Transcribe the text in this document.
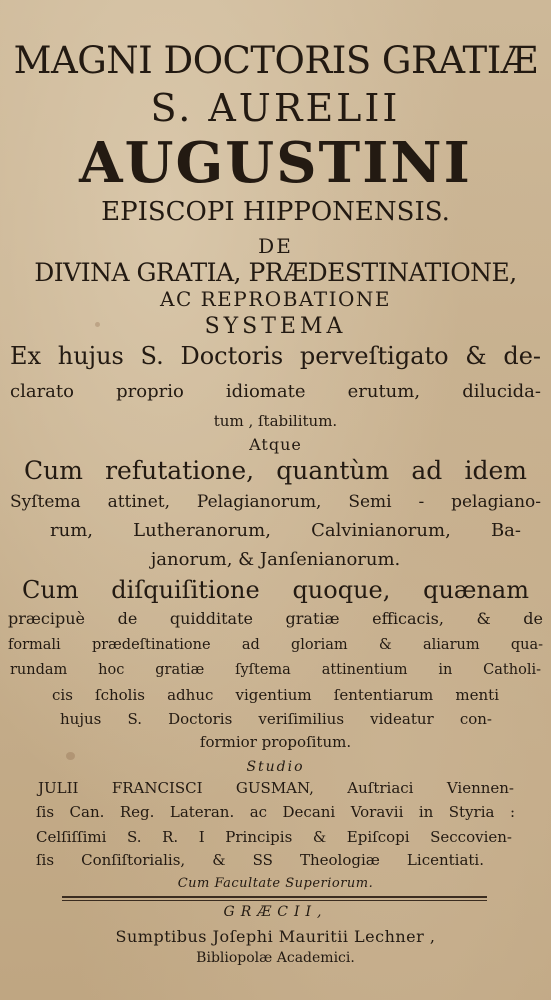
MAGNI DOCTORIS GRATIÆ

S. AURELII

AUGUSTINI

EPISCOPI HIPPONENSIS.

DE

DIVINA GRATIA, PRÆDESTINATIONE,

AC REPROBATIONE

SYSTEMA

Ex hujus S. Doctoris perveſtigato & de-

clarato proprio idiomate erutum, dilucida-

tum , ſtabilitum.

Atque

Cum refutatione, quantùm ad idem

Syſtema attinet, Pelagianorum, Semi - pelagiano-

rum, Lutheranorum, Calvinianorum, Ba-

janorum, & Janſenianorum.

Cum diſquiſitione quoque, quænam

præcipuè de quidditate gratiæ efficacis, & de

formali prædeſtinatione ad gloriam & aliarum qua-

rundam hoc gratiæ ſyſtema attinentium in Catholi-

cis ſcholis adhuc vigentium ſententiarum menti

hujus S. Doctoris veriſimilius videatur con-

formior propoſitum.

Studio

JULII FRANCISCI GUSMAN, Auſtriaci Viennen-

ſis Can. Reg. Lateran. ac Decani Voravii in Styria :

Celſiſſimi S. R. I Principis & Epiſcopi Seccovien-

ſis Conſiſtorialis, & SS Theologiæ Licentiati.

Cum Facultate Superiorum.

GRÆCII,

Sumptibus Joſephi Mauritii Lechner ,

Bibliopolæ Academici.
